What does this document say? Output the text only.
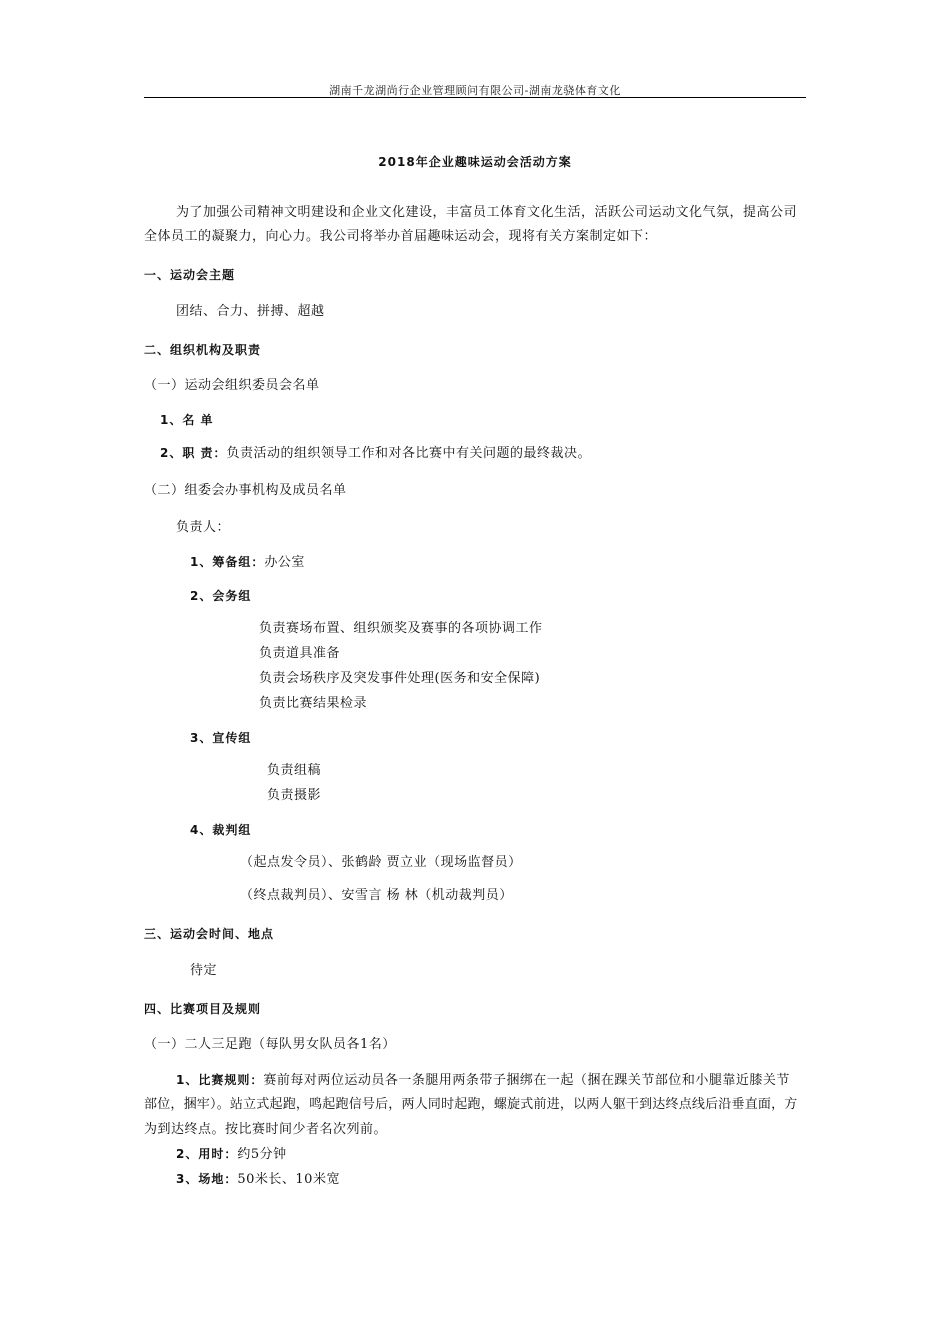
湖南千龙湖尚行企业管理顾问有限公司-湖南龙骁体育文化
2018年企业趣味运动会活动方案
为了加强公司精神文明建设和企业文化建设，丰富员工体育文化生活，活跃公司运动文化气氛，提高公司
全体员工的凝聚力，向心力。我公司将举办首届趣味运动会，现将有关方案制定如下：
一、运动会主题
团结、合力、拼搏、超越
二、组织机构及职责
（一）运动会组织委员会名单
1、名 单
2、职 责：负责活动的组织领导工作和对各比赛中有关问题的最终裁决。
（二）组委会办事机构及成员名单
负责人：
1、筹备组：办公室
2、会务组
负责赛场布置、组织颁奖及赛事的各项协调工作
负责道具准备
负责会场秩序及突发事件处理(医务和安全保障)
负责比赛结果检录
3、宣传组
负责组稿
负责摄影
4、裁判组
（起点发令员）、张鹤龄 贾立业（现场监督员）
（终点裁判员）、安雪言 杨 林（机动裁判员）
三、运动会时间、地点
待定
四、比赛项目及规则
（一）二人三足跑（每队男女队员各1名）
1、比赛规则：赛前每对两位运动员各一条腿用两条带子捆绑在一起（捆在踝关节部位和小腿靠近膝关节
部位，捆牢）。站立式起跑，鸣起跑信号后，两人同时起跑，螺旋式前进，以两人躯干到达终点线后沿垂直面，方
为到达终点。按比赛时间少者名次列前。
2、用时：约5分钟
3、场地：50米长、10米宽
